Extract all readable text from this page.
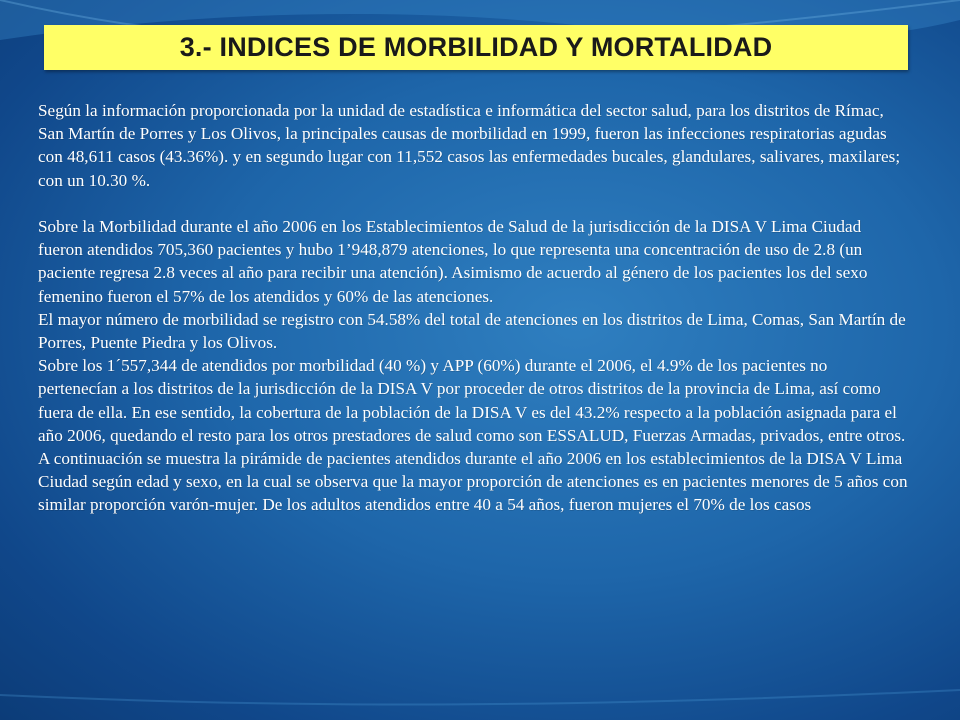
3.- INDICES DE MORBILIDAD Y MORTALIDAD

Según la información proporcionada por la unidad de estadística e informática del sector salud, para los distritos de Rímac, San Martín de Porres y Los Olivos, la principales causas de morbilidad en 1999, fueron las infecciones respiratorias agudas con 48,611 casos (43.36%). y en segundo lugar con 11,552 casos las enfermedades bucales, glandulares, salivares, maxilares; con un 10.30 %.

Sobre la Morbilidad durante el año 2006 en los Establecimientos de Salud de la jurisdicción de la DISA V Lima Ciudad fueron atendidos 705,360 pacientes y hubo 1’948,879 atenciones, lo que representa una concentración de uso de 2.8 (un paciente regresa 2.8 veces al año para recibir una atención). Asimismo de acuerdo al género de los pacientes los del sexo femenino fueron el 57% de los atendidos y 60% de las atenciones.

El mayor número de morbilidad se registro con 54.58% del total de atenciones en los distritos de Lima, Comas, San Martín de Porres, Puente Piedra y los Olivos.

Sobre los 1´557,344 de atendidos por morbilidad (40 %) y APP (60%) durante el 2006, el 4.9% de los pacientes no pertenecían a los distritos de la jurisdicción de la DISA V por proceder de otros distritos de la provincia de Lima, así como fuera de ella. En ese sentido, la cobertura de la población de la DISA V es del 43.2% respecto a la población asignada para el año 2006, quedando el resto para los otros prestadores de salud como son ESSALUD, Fuerzas Armadas, privados, entre otros.

A continuación se muestra la pirámide de pacientes atendidos durante el año 2006 en los establecimientos de la DISA V Lima Ciudad según edad y sexo, en la cual se observa que la mayor proporción de atenciones es en pacientes menores de 5 años con similar proporción varón-mujer. De los adultos atendidos entre 40 a 54 años, fueron mujeres el 70% de los casos
